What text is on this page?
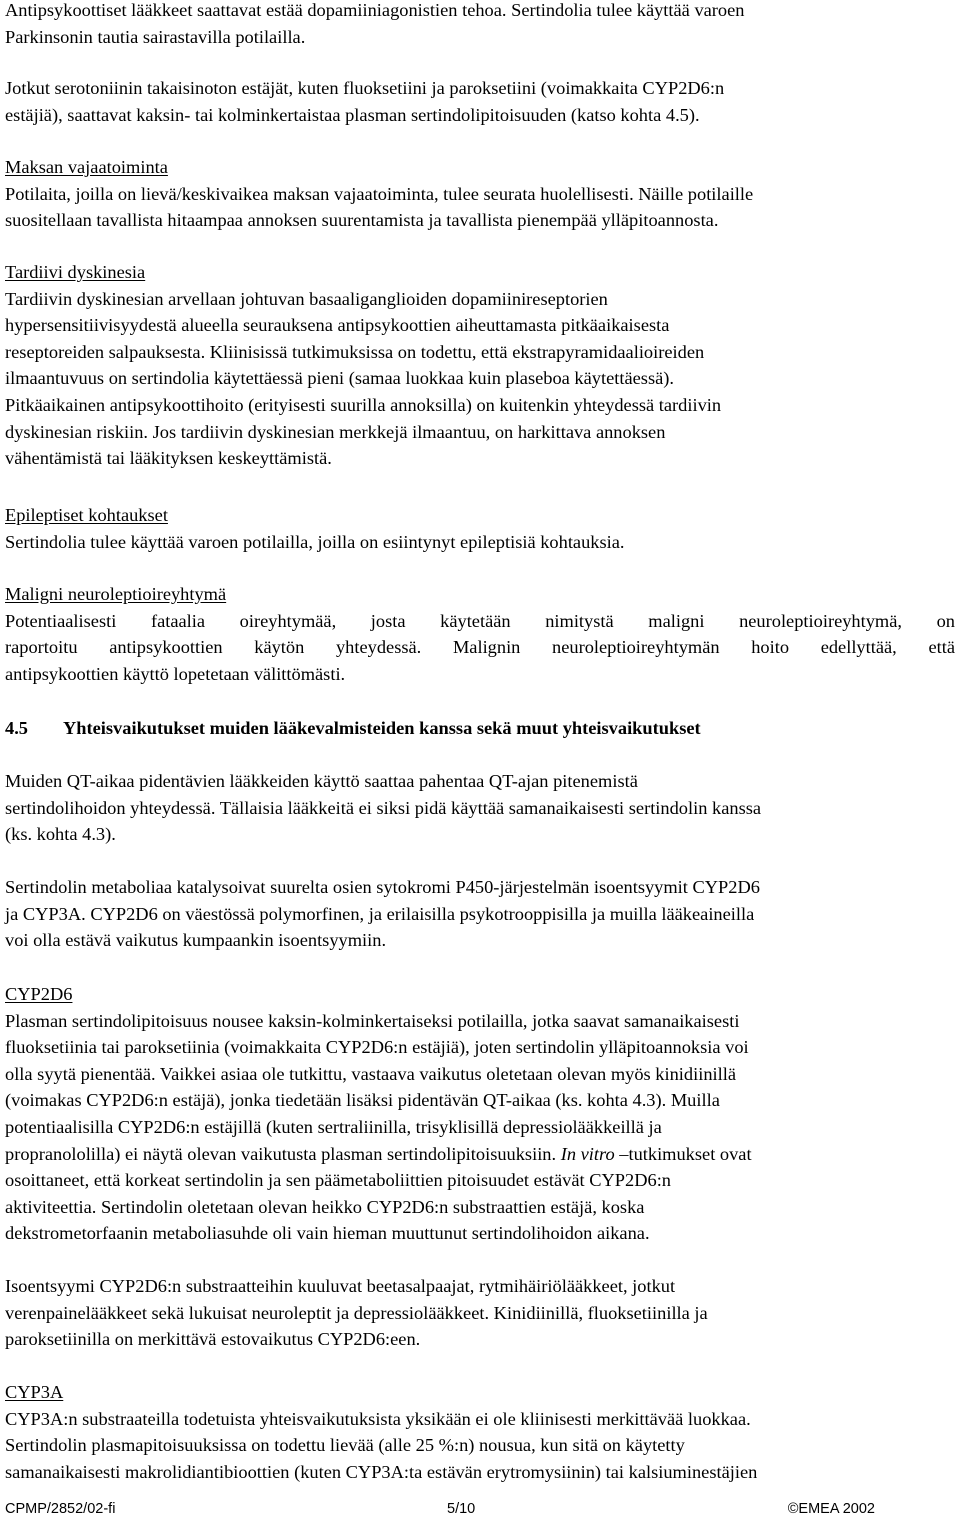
Antipsykoottiset lääkkeet saattavat estää dopamiiniagonistien tehoa. Sertindolia tulee käyttää varoen

Parkinsonin tautia sairastavilla potilailla.

Jotkut serotoniinin takaisinoton estäjät, kuten fluoksetiini ja paroksetiini (voimakkaita CYP2D6:n

estäjiä), saattavat kaksin- tai kolminkertaistaa plasman sertindolipitoisuuden (katso kohta 4.5).

Maksan vajaatoiminta

Potilaita, joilla on lievä/keskivaikea maksan vajaatoiminta, tulee seurata huolellisesti. Näille potilaille

suositellaan tavallista hitaampaa annoksen suurentamista ja tavallista pienempää ylläpitoannosta.

Tardiivi dyskinesia

Tardiivin dyskinesian arvellaan johtuvan basaaliganglioiden dopamiinireseptorien

hypersensitiivisyydestä alueella seurauksena antipsykoottien aiheuttamasta pitkäaikaisesta

reseptoreiden salpauksesta. Kliinisissä tutkimuksissa on todettu, että ekstrapyramidaalioireiden

ilmaantuvuus on sertindolia käytettäessä pieni (samaa luokkaa kuin plaseboa käytettäessä).

Pitkäaikainen antipsykoottihoito (erityisesti suurilla annoksilla) on kuitenkin yhteydessä tardiivin

dyskinesian riskiin. Jos tardiivin dyskinesian merkkejä ilmaantuu, on harkittava annoksen

vähentämistä tai lääkityksen keskeyttämistä.

Epileptiset kohtaukset

Sertindolia tulee käyttää varoen potilailla, joilla on esiintynyt epileptisiä kohtauksia.

Maligni neuroleptioireyhtymä

Potentiaalisesti fataalia oireyhtymää, josta käytetään nimitystä maligni neuroleptioireyhtymä, on

raportoitu antipsykoottien käytön yhteydessä. Malignin neuroleptioireyhtymän hoito edellyttää, että

antipsykoottien käyttö lopetetaan välittömästi.

4.5 Yhteisvaikutukset muiden lääkevalmisteiden kanssa sekä muut yhteisvaikutukset

Muiden QT-aikaa pidentävien lääkkeiden käyttö saattaa pahentaa QT-ajan pitenemistä

sertindolihoidon yhteydessä. Tällaisia lääkkeitä ei siksi pidä käyttää samanaikaisesti sertindolin kanssa

(ks. kohta 4.3).

Sertindolin metaboliaa katalysoivat suurelta osien sytokromi P450-järjestelmän isoentsyymit CYP2D6

ja CYP3A. CYP2D6 on väestössä polymorfinen, ja erilaisilla psykotrooppisilla ja muilla lääkeaineilla

voi olla estävä vaikutus kumpaankin isoentsyymiin.

CYP2D6

Plasman sertindolipitoisuus nousee kaksin-kolminkertaiseksi potilailla, jotka saavat samanaikaisesti

fluoksetiinia tai paroksetiinia (voimakkaita CYP2D6:n estäjiä), joten sertindolin ylläpitoannoksia voi

olla syytä pienentää. Vaikkei asiaa ole tutkittu, vastaava vaikutus oletetaan olevan myös kinidiinillä

(voimakas CYP2D6:n estäjä), jonka tiedetään lisäksi pidentävän QT-aikaa (ks. kohta 4.3). Muilla

potentiaalisilla CYP2D6:n estäjillä (kuten sertraliinilla, trisyklisillä depressiolääkkeillä ja

propranololilla) ei näytä olevan vaikutusta plasman sertindolipitoisuuksiin. In vitro –tutkimukset ovat

osoittaneet, että korkeat sertindolin ja sen päämetaboliittien pitoisuudet estävät CYP2D6:n

aktiviteettia. Sertindolin oletetaan olevan heikko CYP2D6:n substraattien estäjä, koska

dekstrometorfaanin metaboliasuhde oli vain hieman muuttunut sertindolihoidon aikana.

Isoentsyymi CYP2D6:n substraatteihin kuuluvat beetasalpaajat, rytmihäiriölääkkeet, jotkut

verenpainelääkkeet sekä lukuisat neuroleptit ja depressiolääkkeet. Kinidiinillä, fluoksetiinilla ja

paroksetiinilla on merkittävä estovaikutus CYP2D6:een.

CYP3A

CYP3A:n substraateilla todetuista yhteisvaikutuksista yksikään ei ole kliinisesti merkittävää luokkaa.

Sertindolin plasmapitoisuuksissa on todettu lievää (alle 25 %:n) nousua, kun sitä on käytetty

samanaikaisesti makrolidiantibioottien (kuten CYP3A:ta estävän erytromysiinin) tai kalsiuminestäjien

CPMP/2852/02-fi	5/10	©EMEA 2002
